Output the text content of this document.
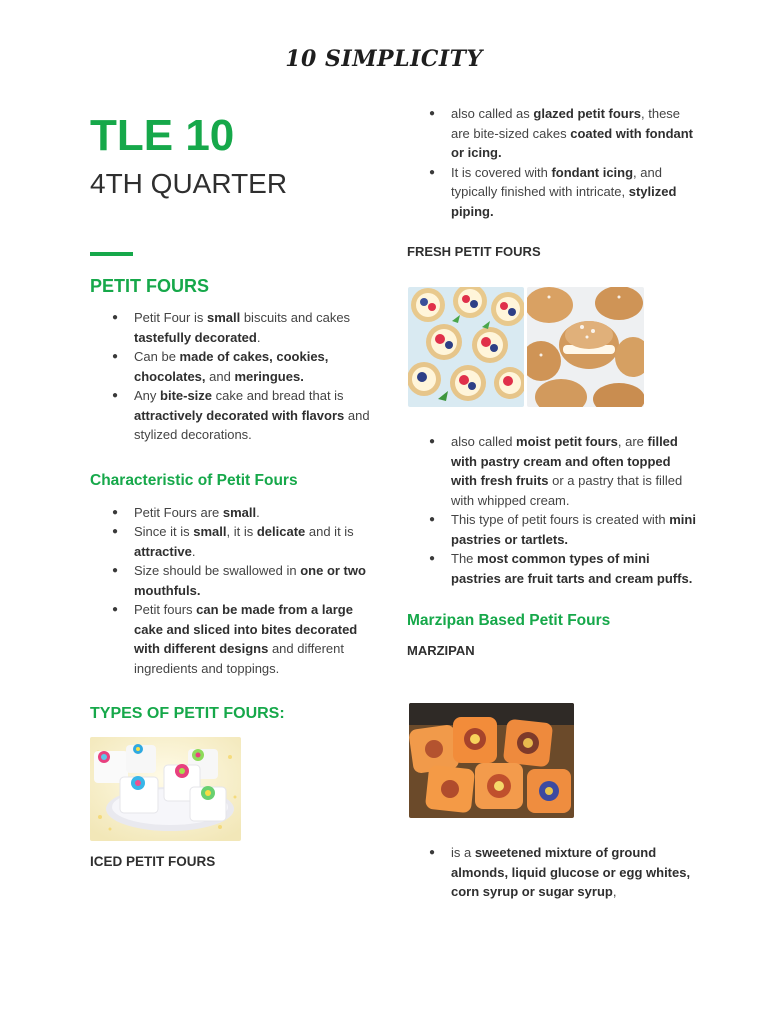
10 SIMPLICITY
TLE 10
4TH QUARTER
PETIT FOURS
● Petit Four is small biscuits and cakes tastefully decorated.
● Can be made of cakes, cookies, chocolates, and meringues.
● Any bite-size cake and bread that is attractively decorated with flavors and stylized decorations.
Characteristic of Petit Fours
● Petit Fours are small.
● Since it is small, it is delicate and it is attractive.
● Size should be swallowed in one or two mouthfuls.
● Petit fours can be made from a large cake and sliced into bites decorated with different designs and different ingredients and toppings.
TYPES OF PETIT FOURS:
ICED PETIT FOURS
● also called as glazed petit fours, these are bite-sized cakes coated with fondant or icing.
● It is covered with fondant icing, and typically finished with intricate, stylized piping.
FRESH PETIT FOURS
● also called moist petit fours, are filled with pastry cream and often topped with fresh fruits or a pastry that is filled with whipped cream.
● This type of petit fours is created with mini pastries or tartlets.
● The most common types of mini pastries are fruit tarts and cream puffs.
Marzipan Based Petit Fours
MARZIPAN
● is a sweetened mixture of ground almonds, liquid glucose or egg whites, corn syrup or sugar syrup,
